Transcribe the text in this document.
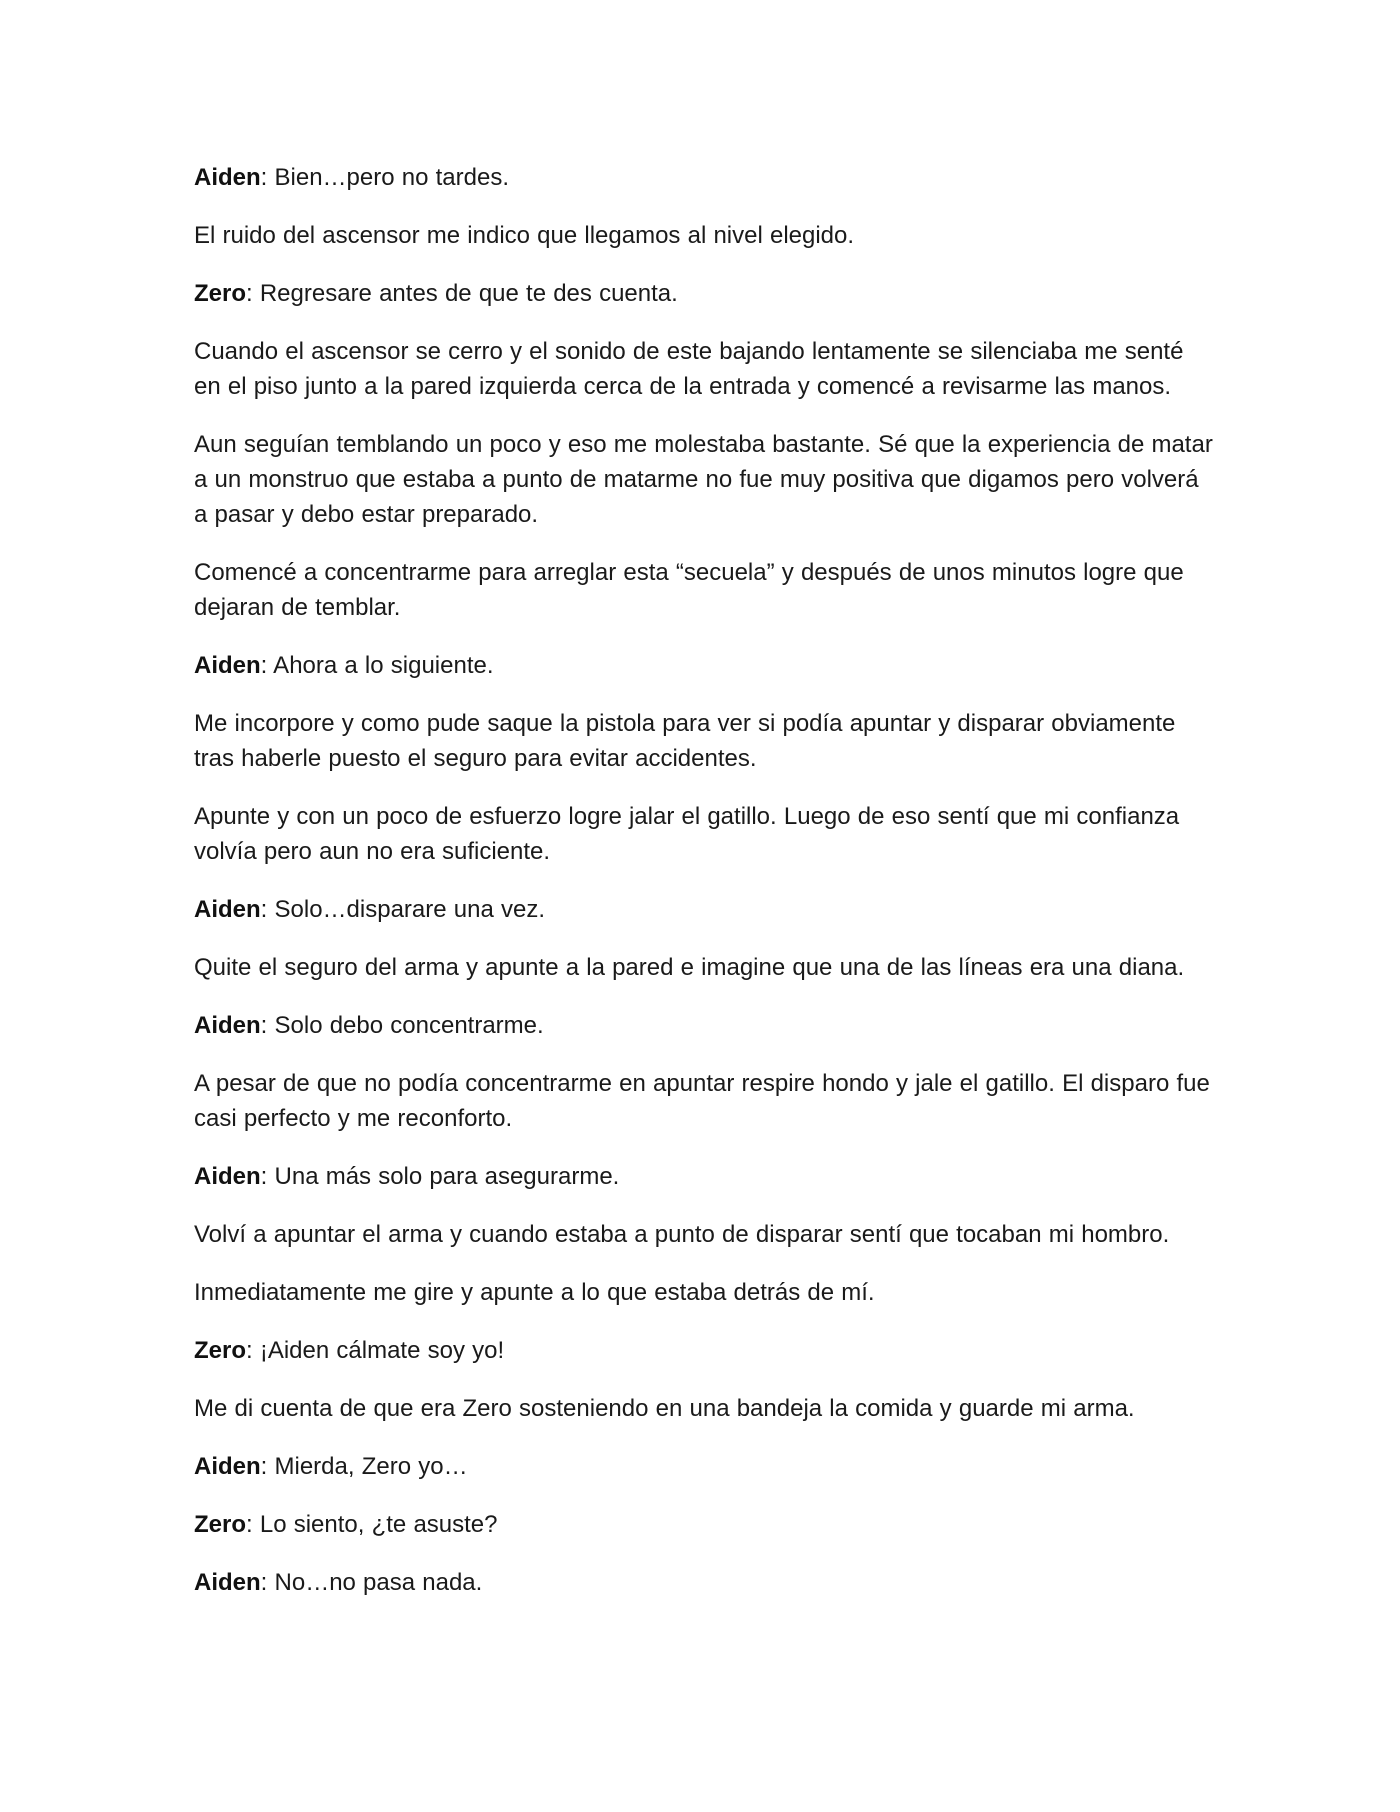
Aiden: Bien…pero no tardes.

El ruido del ascensor me indico que llegamos al nivel elegido.

Zero: Regresare antes de que te des cuenta.

Cuando el ascensor se cerro y el sonido de este bajando lentamente se silenciaba me senté en el piso junto a la pared izquierda cerca de la entrada y comencé a revisarme las manos.

Aun seguían temblando un poco y eso me molestaba bastante. Sé que la experiencia de matar a un monstruo que estaba a punto de matarme no fue muy positiva que digamos pero volverá a pasar y debo estar preparado.

Comencé a concentrarme para arreglar esta “secuela” y después de unos minutos logre que dejaran de temblar.

Aiden: Ahora a lo siguiente.

Me incorpore y como pude saque la pistola para ver si podía apuntar y disparar obviamente tras haberle puesto el seguro para evitar accidentes.

Apunte y con un poco de esfuerzo logre jalar el gatillo. Luego de eso sentí que mi confianza volvía pero aun no era suficiente.

Aiden: Solo…disparare una vez.

Quite el seguro del arma y apunte a la pared e imagine que una de las líneas era una diana.

Aiden: Solo debo concentrarme.

A pesar de que no podía concentrarme en apuntar respire hondo y jale el gatillo. El disparo fue casi perfecto y me reconforto.

Aiden: Una más solo para asegurarme.

Volví a apuntar el arma y cuando estaba a punto de disparar sentí que tocaban mi hombro.

Inmediatamente me gire y apunte a lo que estaba detrás de mí.

Zero: ¡Aiden cálmate soy yo!

Me di cuenta de que era Zero sosteniendo en una bandeja la comida y guarde mi arma.

Aiden: Mierda, Zero yo…

Zero: Lo siento, ¿te asuste?

Aiden: No…no pasa nada.
